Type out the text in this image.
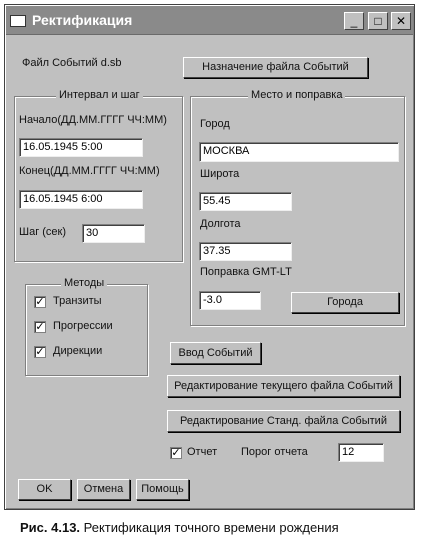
Ректификация	_	□	✕
Файл Событий d.sb	Назначение файла Событий
Интервал и шаг
Начало(ДД.ММ.ГГГГ ЧЧ:ММ)
16.05.1945 5:00
Конец(ДД.ММ.ГГГГ ЧЧ:ММ)
16.05.1945 6:00
Шаг (сек)	30
Место и поправка
Город
МОСКВА
Широта
55.45
Долгота
37.35
Поправка GMT-LT
-3.0	Города
Методы
✓ Транзиты
✓ Прогрессии
✓ Дирекции	Ввод Событий
Редактирование текущего файла Событий
Редактирование Станд. файла Событий
✓ Отчет Порог отчета	12
OK	Отмена	Помощь
Рис. 4.13. Ректификация точного времени рождения
